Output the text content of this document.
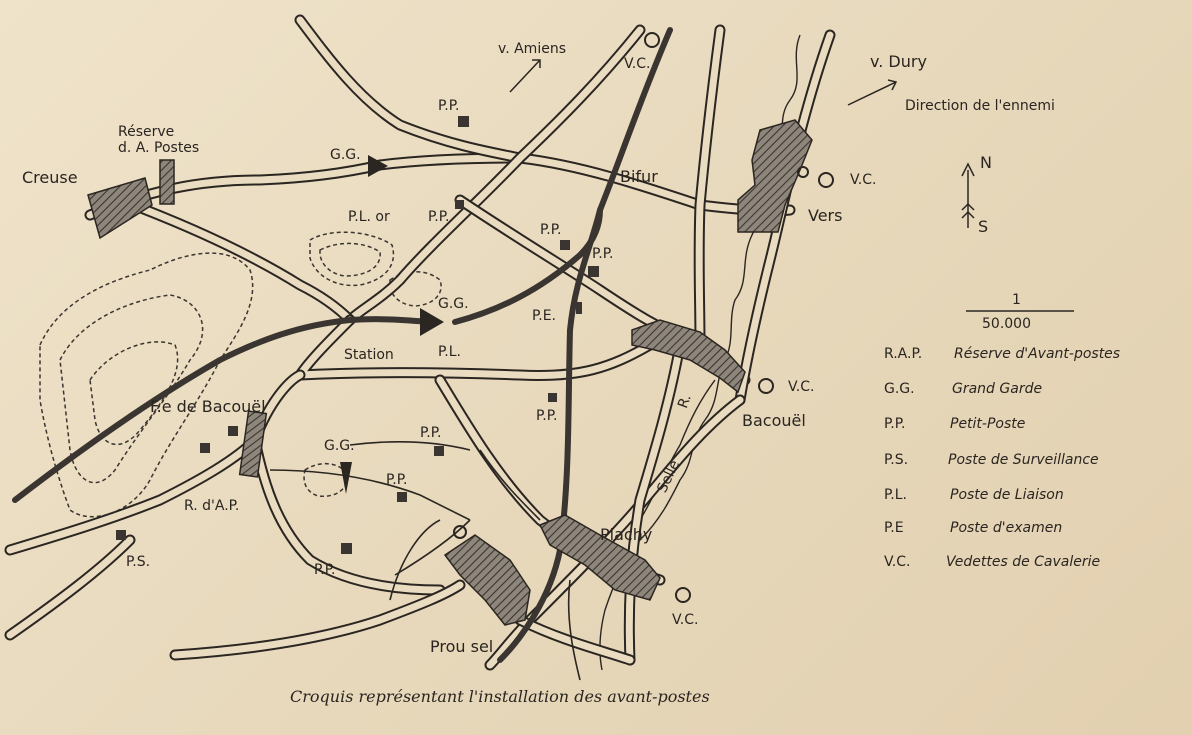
v. Amiens
v. Dury
Direction de l'ennemi
N
S
1
50.000
Creuse
Réserve
d. A. Postes
Vers
Bifur
Station
Bacouël
F.e de Bacouël
Plachy
Prou sel
Selle
R.
G.G.
G.G.
G.G.
P.P.
P.P.
P.L. or
P.P.
P.P.
P.E.
P.L.
P.P.
P.P.
P.P.
P.P.
R. d'A.P.
P.S.
V.C.
V.C.
V.C.
V.C.
R.A.P. Réserve d'Avant-postes
G.G.	Grand Garde
P.P.	Petit-Poste
P.S.	Poste de Surveillance
P.L.	Poste de Liaison
P.E	Poste d'examen
V.C.	Vedettes de Cavalerie
Croquis représentant l'installation des avant-postes
